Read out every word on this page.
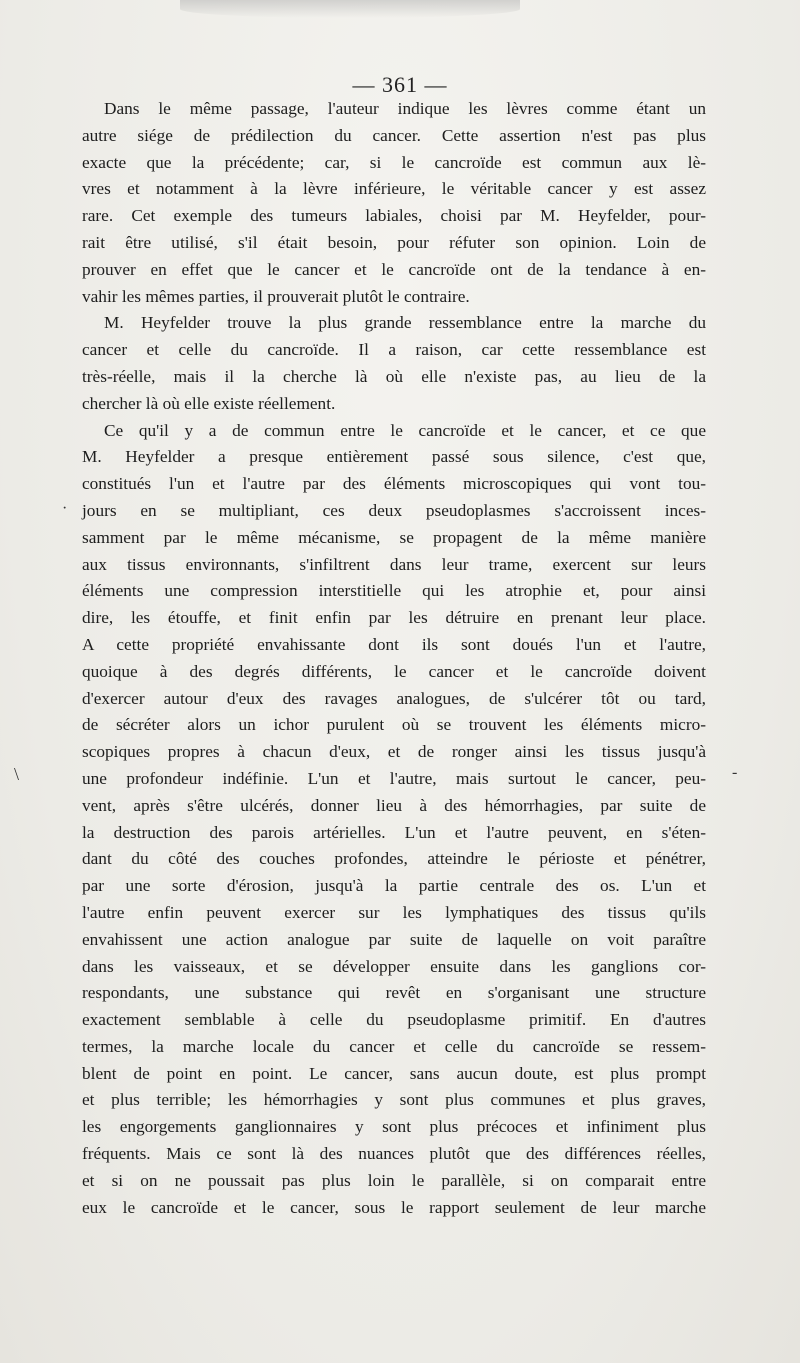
— 361 —
Dans le même passage, l'auteur indique les lèvres comme étant un
autre siége de prédilection du cancer. Cette assertion n'est pas plus
exacte que la précédente; car, si le cancroïde est commun aux lè-
vres et notamment à la lèvre inférieure, le véritable cancer y est assez
rare. Cet exemple des tumeurs labiales, choisi par M. Heyfelder, pour-
rait être utilisé, s'il était besoin, pour réfuter son opinion. Loin de
prouver en effet que le cancer et le cancroïde ont de la tendance à en-
vahir les mêmes parties, il prouverait plutôt le contraire.
M. Heyfelder trouve la plus grande ressemblance entre la marche du
cancer et celle du cancroïde. Il a raison, car cette ressemblance est
très-réelle, mais il la cherche là où elle n'existe pas, au lieu de la
chercher là où elle existe réellement.
Ce qu'il y a de commun entre le cancroïde et le cancer, et ce que
M. Heyfelder a presque entièrement passé sous silence, c'est que,
constitués l'un et l'autre par des éléments microscopiques qui vont tou-
jours en se multipliant, ces deux pseudoplasmes s'accroissent inces-
samment par le même mécanisme, se propagent de la même manière
aux tissus environnants, s'infiltrent dans leur trame, exercent sur leurs
éléments une compression interstitielle qui les atrophie et, pour ainsi
dire, les étouffe, et finit enfin par les détruire en prenant leur place.
A cette propriété envahissante dont ils sont doués l'un et l'autre,
quoique à des degrés différents, le cancer et le cancroïde doivent
d'exercer autour d'eux des ravages analogues, de s'ulcérer tôt ou tard,
de sécréter alors un ichor purulent où se trouvent les éléments micro-
scopiques propres à chacun d'eux, et de ronger ainsi les tissus jusqu'à
une profondeur indéfinie. L'un et l'autre, mais surtout le cancer, peu-
vent, après s'être ulcérés, donner lieu à des hémorrhagies, par suite de
la destruction des parois artérielles. L'un et l'autre peuvent, en s'éten-
dant du côté des couches profondes, atteindre le périoste et pénétrer,
par une sorte d'érosion, jusqu'à la partie centrale des os. L'un et
l'autre enfin peuvent exercer sur les lymphatiques des tissus qu'ils
envahissent une action analogue par suite de laquelle on voit paraître
dans les vaisseaux, et se développer ensuite dans les ganglions cor-
respondants, une substance qui revêt en s'organisant une structure
exactement semblable à celle du pseudoplasme primitif. En d'autres
termes, la marche locale du cancer et celle du cancroïde se ressem-
blent de point en point. Le cancer, sans aucun doute, est plus prompt
et plus terrible; les hémorrhagies y sont plus communes et plus graves,
les engorgements ganglionnaires y sont plus précoces et infiniment plus
fréquents. Mais ce sont là des nuances plutôt que des différences réelles,
et si on ne poussait pas plus loin le parallèle, si on comparait entre
eux le cancroïde et le cancer, sous le rapport seulement de leur marche
·
\	-
